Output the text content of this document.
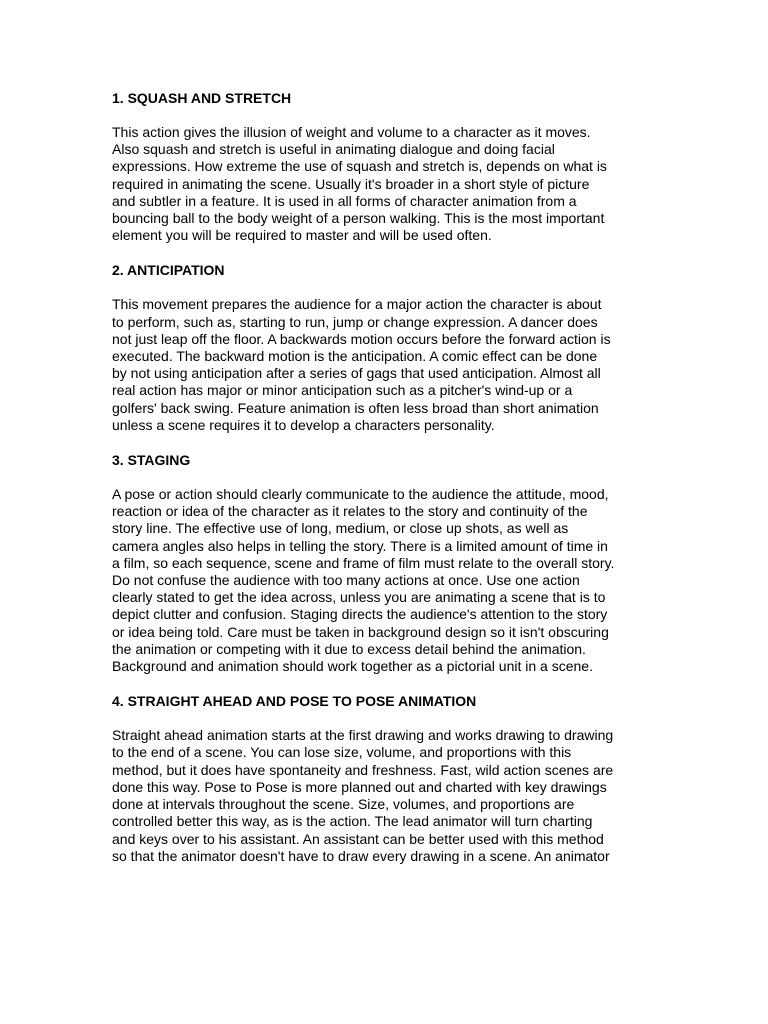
1. SQUASH AND STRETCH
This action gives the illusion of weight and volume to a character as it moves.
Also squash and stretch is useful in animating dialogue and doing facial
expressions. How extreme the use of squash and stretch is, depends on what is
required in animating the scene. Usually it's broader in a short style of picture
and subtler in a feature. It is used in all forms of character animation from a
bouncing ball to the body weight of a person walking. This is the most important
element you will be required to master and will be used often.
2. ANTICIPATION
This movement prepares the audience for a major action the character is about
to perform, such as, starting to run, jump or change expression. A dancer does
not just leap off the floor. A backwards motion occurs before the forward action is
executed. The backward motion is the anticipation. A comic effect can be done
by not using anticipation after a series of gags that used anticipation. Almost all
real action has major or minor anticipation such as a pitcher's wind-up or a
golfers' back swing. Feature animation is often less broad than short animation
unless a scene requires it to develop a characters personality.
3. STAGING
A pose or action should clearly communicate to the audience the attitude, mood,
reaction or idea of the character as it relates to the story and continuity of the
story line. The effective use of long, medium, or close up shots, as well as
camera angles also helps in telling the story. There is a limited amount of time in
a film, so each sequence, scene and frame of film must relate to the overall story.
Do not confuse the audience with too many actions at once. Use one action
clearly stated to get the idea across, unless you are animating a scene that is to
depict clutter and confusion. Staging directs the audience's attention to the story
or idea being told. Care must be taken in background design so it isn't obscuring
the animation or competing with it due to excess detail behind the animation.
Background and animation should work together as a pictorial unit in a scene.
4. STRAIGHT AHEAD AND POSE TO POSE ANIMATION
Straight ahead animation starts at the first drawing and works drawing to drawing
to the end of a scene. You can lose size, volume, and proportions with this
method, but it does have spontaneity and freshness. Fast, wild action scenes are
done this way. Pose to Pose is more planned out and charted with key drawings
done at intervals throughout the scene. Size, volumes, and proportions are
controlled better this way, as is the action. The lead animator will turn charting
and keys over to his assistant. An assistant can be better used with this method
so that the animator doesn't have to draw every drawing in a scene. An animator
